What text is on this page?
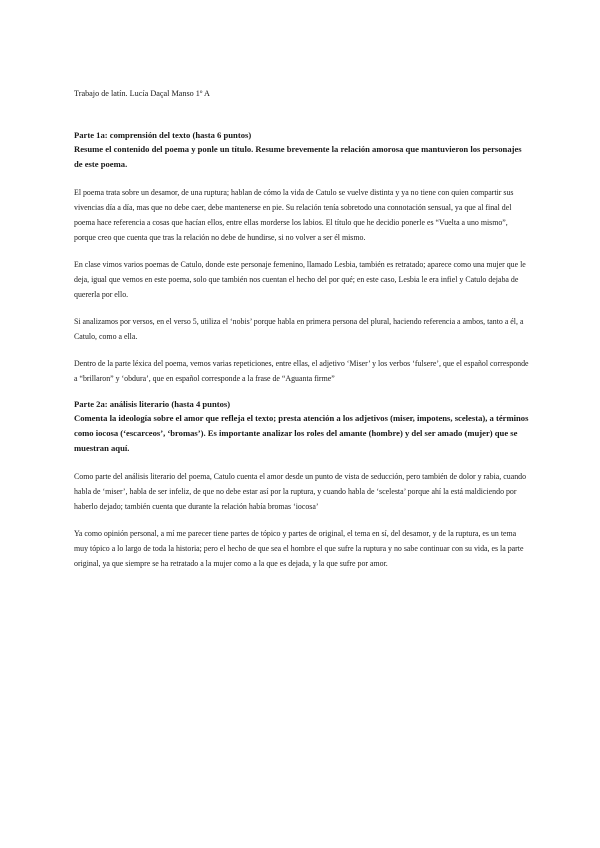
Trabajo de latín. Lucía Daçal Manso 1º A

Parte 1a: comprensión del texto (hasta 6 puntos)

Resume el contenido del poema y ponle un título. Resume brevemente la relación amorosa que mantuvieron los personajes de este poema.

El poema trata sobre un desamor, de una ruptura; hablan de cómo la vida de Catulo se vuelve distinta y ya no tiene con quien compartir sus vivencias día a día, mas que no debe caer, debe mantenerse en pie. Su relación tenía sobretodo una connotación sensual, ya que al final del poema hace referencia a cosas que hacían ellos, entre ellas morderse los labios. El título que he decidio ponerle es “Vuelta a uno mismo”, porque creo que cuenta que tras la relación no debe de hundirse, si no volver a ser él mismo.

En clase vimos varios poemas de Catulo, donde este personaje femenino, llamado Lesbia, también es retratado; aparece como una mujer que le deja, igual que vemos en este poema, solo que también nos cuentan el hecho del por qué; en este caso, Lesbia le era infiel y Catulo dejaba de quererla por ello.

Si analizamos por versos, en el verso 5, utiliza el ‘nobis’ porque habla en primera persona del plural, haciendo referencia a ambos, tanto a él, a Catulo, como a ella.

Dentro de la parte léxica del poema, vemos varias repeticiones, entre ellas, el adjetivo ‘Miser’ y los verbos ‘fulsere’, que el español corresponde a “brillaron” y ‘obdura’, que en español corresponde a la frase de “Aguanta firme”

Parte 2a: análisis literario (hasta 4 puntos)

Comenta la ideología sobre el amor que refleja el texto; presta atención a los adjetivos (miser, impotens, scelesta), a términos como iocosa (‘escarceos’, ‘bromas’). Es importante analizar los roles del amante (hombre) y del ser amado (mujer) que se muestran aquí.

Como parte del análisis literario del poema, Catulo cuenta el amor desde un punto de vista de seducción, pero también de dolor y rabia, cuando habla de ‘miser’, habla de ser infeliz, de que no debe estar así por la ruptura, y cuando habla de ‘scelesta’ porque ahí la está maldiciendo por haberlo dejado; también cuenta que durante la relación había bromas ‘iocosa’

Ya como opinión personal, a mí me parecer tiene partes de tópico y partes de original, el tema en sí, del desamor, y de la ruptura, es un tema muy tópico a lo largo de toda la historia; pero el hecho de que sea el hombre el que sufre la ruptura y no sabe continuar con su vida, es la parte original, ya que siempre se ha retratado a la mujer como a la que es dejada, y la que sufre por amor.
